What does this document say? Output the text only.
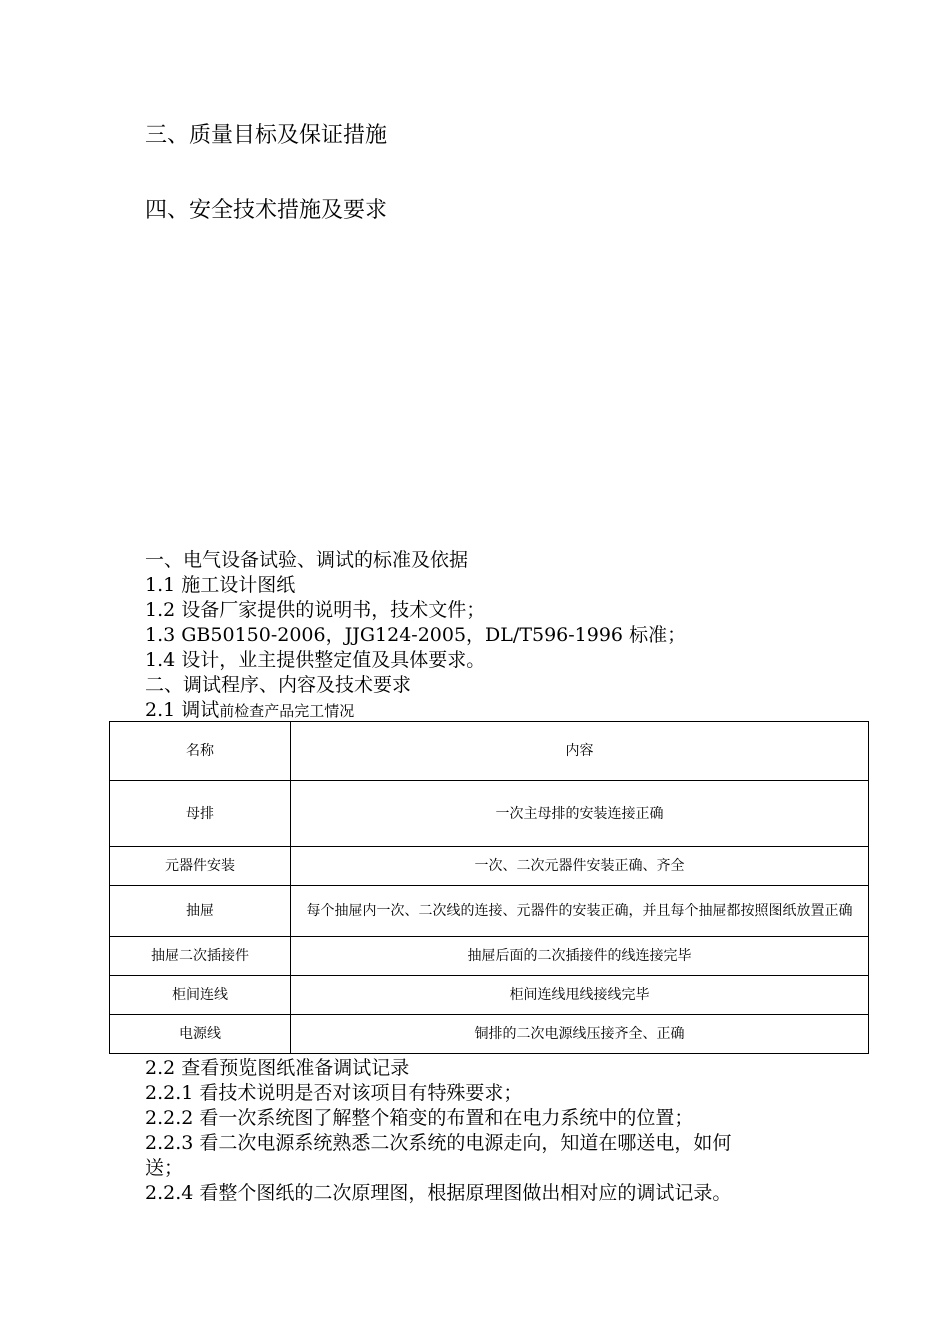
三、质量目标及保证措施
四、安全技术措施及要求
一、电气设备试验、调试的标准及依据
1.1 施工设计图纸
1.2 设备厂家提供的说明书，技术文件；
1.3 GB50150-2006，JJG124-2005，DL/T596-1996 标准；
1.4 设计，业主提供整定值及具体要求。
二、调试程序、内容及技术要求
2.1 调试前检查产品完工情况
名称	内容
母排	一次主母排的安装连接正确
元器件安装	一次、二次元器件安装正确、齐全
抽屉	每个抽屉内一次、二次线的连接、元器件的安装正确，并且每个抽屉都按照图纸放置正确
抽屉二次插接件	抽屉后面的二次插接件的线连接完毕
柜间连线	柜间连线甩线接线完毕
电源线	铜排的二次电源线压接齐全、正确
2.2 查看预览图纸准备调试记录
2.2.1 看技术说明是否对该项目有特殊要求；
2.2.2 看一次系统图了解整个箱变的布置和在电力系统中的位置；
2.2.3 看二次电源系统熟悉二次系统的电源走向，知道在哪送电，如何
送；
2.2.4 看整个图纸的二次原理图，根据原理图做出相对应的调试记录。
